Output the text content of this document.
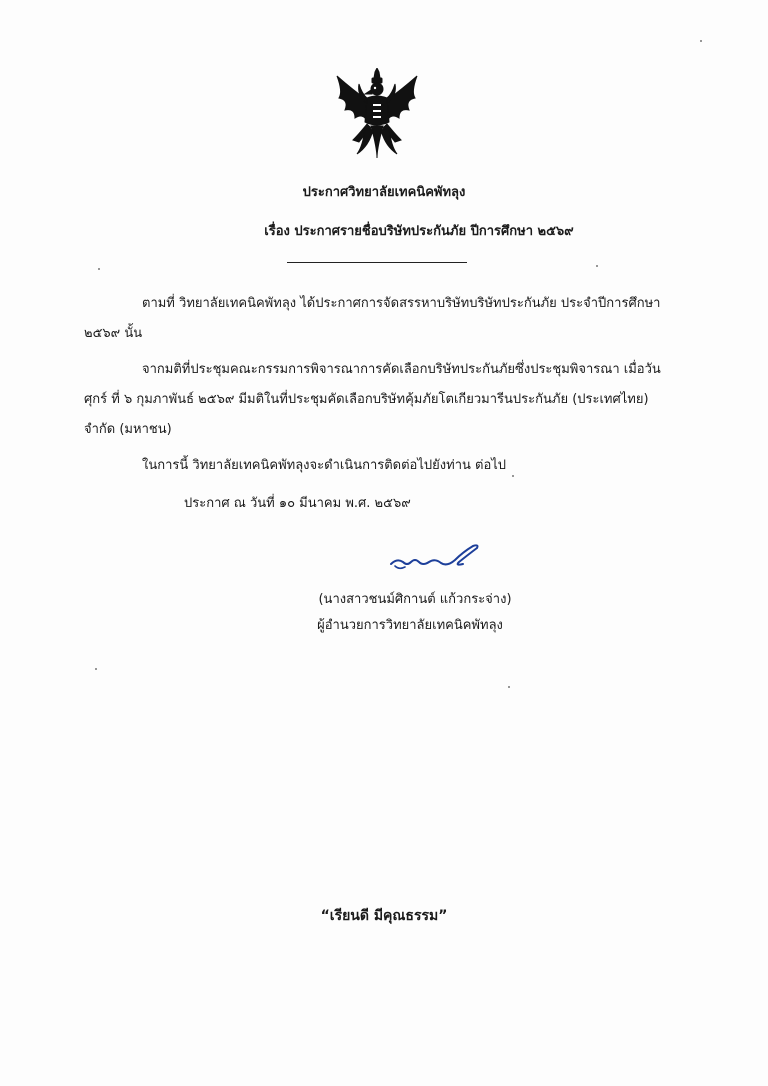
ประกาศวิทยาลัยเทคนิคพัทลุง
เรื่อง ประกาศรายชื่อบริษัทประกันภัย ปีการศึกษา ๒๕๖๙
ตามที่ วิทยาลัยเทคนิคพัทลุง ได้ประกาศการจัดสรรหาบริษัทบริษัทประกันภัย ประจำปีการศึกษา ๒๕๖๙ นั้น
จากมติที่ประชุมคณะกรรมการพิจารณาการคัดเลือกบริษัทประกันภัยซึ่งประชุมพิจารณา เมื่อวันศุกร์ ที่ ๖ กุมภาพันธ์ ๒๕๖๙ มีมติในที่ประชุมคัดเลือกบริษัทคุ้มภัยโตเกียวมารีนประกันภัย (ประเทศไทย) จำกัด (มหาชน)
ในการนี้ วิทยาลัยเทคนิคพัทลุงจะดำเนินการติดต่อไปยังท่าน ต่อไป
ประกาศ ณ วันที่ ๑๐ มีนาคม พ.ศ. ๒๕๖๙
(นางสาวชนม์ศิกานต์ แก้วกระจ่าง)
ผู้อำนวยการวิทยาลัยเทคนิคพัทลุง
“เรียนดี มีคุณธรรม”
